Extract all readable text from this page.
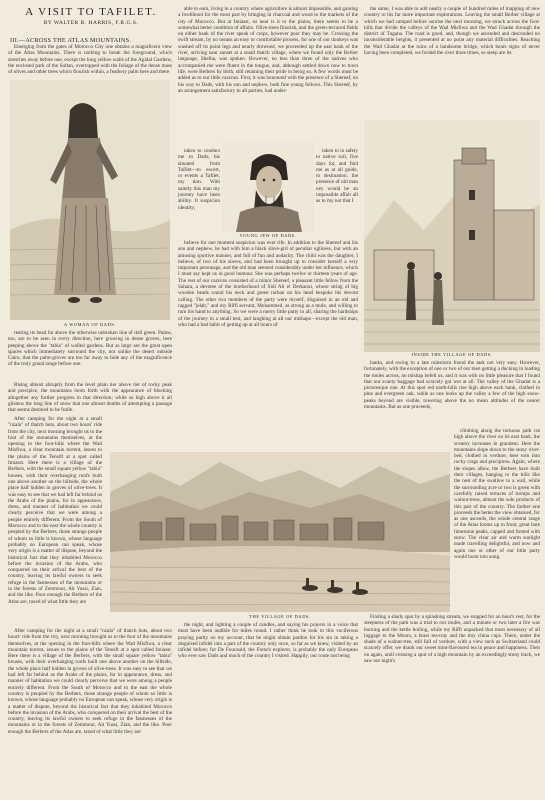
A VISIT TO TAFILET.
BY WALTER B. HARRIS, F.R.G.S.

Emerging from the gates of Morocco City one obtains a magnificent view of the Atlas Mountains. There is nothing to break the foreground, which stretches away before one, except the long yellow walls of the Agidal Gardens, the enclosed park of the Sultan, overtopped with the foliage of the dense mass of olives and other trees which flourish within, a feathery palm here and there

III.—ACROSS THE ATLAS MOUNTAINS.
A WOMAN OF DADS.

rearing its head far above the otherwise unbroken line of dull green. Palms, too, are to be seen in every direction, here growing in dense groves, here peeping above the "tabia" of walled gardens. But as large are the great open spaces which immediately surround the city, not unlike the desert outside Cairo, that the palm-groves are too far away to hide any of the magnificence of the truly grand range before one.

Rising almost abruptly from the level plain tier above tier of rocky peak and precipice, the mountains loom forth with the appearance of blocking altogether any further progress in that direction; while so high above it all glistens the long line of snow that one almost doubts of attempting a passage that seems destined to be futile.

After camping for the night at a small "nzala" of thatch huts, about two hours' ride from the city, next morning brought us to the foot of the mountains themselves, at the opening in the foot-hills where the Wad Misfiwa, a clear mountain torrent, issues to the plains of the Tensift at a spot called Imiasst. Here there is a village of the Berbers, with the small square yellow "tabia" houses, with their overhanging roofs built one above another on the hillside, the whole place half hidden in groves of olive-trees. It was easy to see that we had left far behind us the Arabs of the plains, for in appearance, dress, and manner of habitation we could clearly perceive that we were among a people entirely different. From the South of Morocco and to the east the whole country is peopled by the Berbers, those strange people of whom so little is known, whose language probably no European can speak, whose very origin is a matter of dispute, beyond the historical fact that they inhabited Morocco before the invasion of the Arabs, who conquered on their arrival the best of the country, leaving its lawful owners to seek refuge in the fastnesses of the mountains or in the forests of Zemmour, Ait Yussi, Zian, and the like. Poor enough the Berbers of the Atlas are, taxed of what little they are

After camping for the night at a small "nzala" of thatch huts, about two hours' ride from the city, next morning brought us to the foot of the mountains themselves, at the opening in the foot-hills where the Wad Misfiwa, a clear mountain torrent, issues to the plains of the Tensift at a spot called Imiasst. Here there is a village of the Berbers, with the small square yellow "tabia" houses, with their overhanging roofs built one above another on the hillside, the whole place half hidden in groves of olive-trees. It was easy to see that we had left far behind us the Arabs of the plains, for in appearance, dress, and manner of habitation we could clearly perceive that we were among a people entirely different. From the South of Morocco and to the east the whole country is peopled by the Berbers, those strange people of whom so little is known, whose language probably no European can speak, whose very origin is a matter of dispute, beyond the historical fact that they inhabited Morocco before the invasion of the Arabs, who conquered on their arrival the best of the country, leaving its lawful owners to seek refuge in the fastnesses of the mountains or in the forests of Zemmour, Ait Yussi, Zian, and the like. Poor enough the Berbers of the Atlas are, taxed of what little they are

able to earn, living in a country where agriculture is almost impossible, and gaining a livelihood for the most part by bringing in charcoal and wood to the markets of the city of Morocco. But at Imiasst, so near is it to the plains, there seems to be a somewhat better condition of affairs. Olive-trees flourish, and the green-terraced fields on either bank of the river speak of crops, however poor they may be. Crossing the swift stream, by no means an easy or comfortable process, for one of our donkeys was washed off its point legs and nearly drowned, we proceeded up the east bank of the river, arriving near sunset at a small thatch village, where we found only the Berber language, Shelha, was spoken. However, no less than three of the natives who accompanied me were fluent in the tongue, and, although settled down now to town life, were Berbers by birth, still retaining their pride in being so. A few words must be added as to our little caravan. First, it was honoured with the presence of a Shereef, on his way to Dads, with his son and nephew, both fine young fellows. This Shereef, by an arrangement satisfactory to all parties, had under-

YOUNG JEW OF DADS.

taken to conduct me to Dads, his situated from Tafilet—to escort, or events a Tafilet, my tion. With saintly this man my journey have been ability. It suspicion identity;

taken to in safety to native soil, five days lot, and find me as at all guide, to destination. the presence of old man ney would be an impossible affair all as to my not that I

believe for one moment suspicion was ever rife. In addition to the Shereef and his son and nephew, he had with him a black slave-girl of peculiar ugliness, but with an amusing sportive manner, and full of fun and audacity. The child was the daughter, I believe, of two of his slaves, and had been brought up to consider herself a very important personage, and the old man seemed considerably under her influence, which I must say kept us in good humour. She was perhaps twelve or thirteen years of age. The rest of our caravan consisted of a minor Shereef, a pleasant little fellow from the Sahara, a devotee of the brotherhood of Sidi Ali el Derkaoui, whose string of big wooden beads round his neck and green turban on his head bespoke his devout calling. The other two members of the party were myself, disguised in an old and ragged "jelab," and my Riffi servant, Mohammed, as strong as a mule, and willing to turn his hand to anything. So we were a merry little party in all, sharing the hardships of the journey in a small tent, and laughing at all our mishaps—except the old man, who had a bad habit of getting up at all hours of

the same, I was able to add nearly a couple of hundred miles of mapping of new country to his far more important explorations. Leaving the small Berber village at which we had camped before sunrise the next morning, we struck across the foot-hills that divide the valleys of the Wad Misfiwa and the Wad Ghadat through the district of Tugana. The road is good, and, though we ascended and descended no inconsiderable heights, it presented at no point any material difficulties. Reaching the Wad Ghadat at the ruins of a handsome bridge, which bears signs of never having been completed, we forded the river three times, so steep are its

INSIDE THE VILLAGE OF DADS.

banks, and owing to a late rainstorm found the task not very easy. However, fortunately, with the exception of one or two of our men getting a ducking in loading the mules across, no mishap befell us, and it was with no little pleasure that I found that our scanty baggage had scarcely got wet at all. The valley of the Ghadat is a picturesque one. At this spot red earth-hills rise high above each bank, clothed in pine and evergreen oak, while as one looks up the valley a few of the high snow-peaks beyond are visible, towering above the no mean altitudes of the nearer mountains. But as one proceeds,

climbing along the tortuous path cut high above the river on its east bank, the scenery increases in grandeur. Here the mountains slope down to the stony river-bed, clothed in verdure, here torn into rocky crags and precipices. Again, where the slopes allow, the Berbers have built their villages, hanging to the hills like the nest of the swallow to a wall, while the surrounding acre or two is green with carefully raised terraces of turnips and walnut-trees, almost the sole products of this part of the country. The farther one proceeds the better the view obtained, for as one ascends, the whole central range of the Atlas looms up in front, great bare limestone peaks, capped and fretted with snow. The clear air and warm sunlight made travelling delightful, and now and again one or other of our little party would burst into song.

THE VILLAGE OF DADS.

the night, and lighting a couple of candles, and saying his prayers in a voice that must have been audible for miles round. I rather think he took to this vociferous praying partly on my account, that he might obtain pardon for his sin in taking a disguised infidel into a part of the country only once, so far as we knew, visited by an infidel before; for De Foucauld, the French explorer, is probably the only European who ever saw Dads and much of the country I visited. Happily, our route not being

Finding a shady spot by a splashing stream, we stopped for an hour's rest, for the steepness of the path was a trial to our mules, and a minute or two later a fire was burning and the kettle boiling, while my Riffi unpacked that most necessary of all luggage to the Moors, a brass tea-tray and the tiny china cups. There, under the shade of a walnut-tree, still full of verdure, with a view such as Switzerland could scarcely offer, we drank our sweet mint-flavoured tea in peace and happiness. Then on again, until crossing a spur of a high mountain by an exceedingly stony track, we saw our night's
